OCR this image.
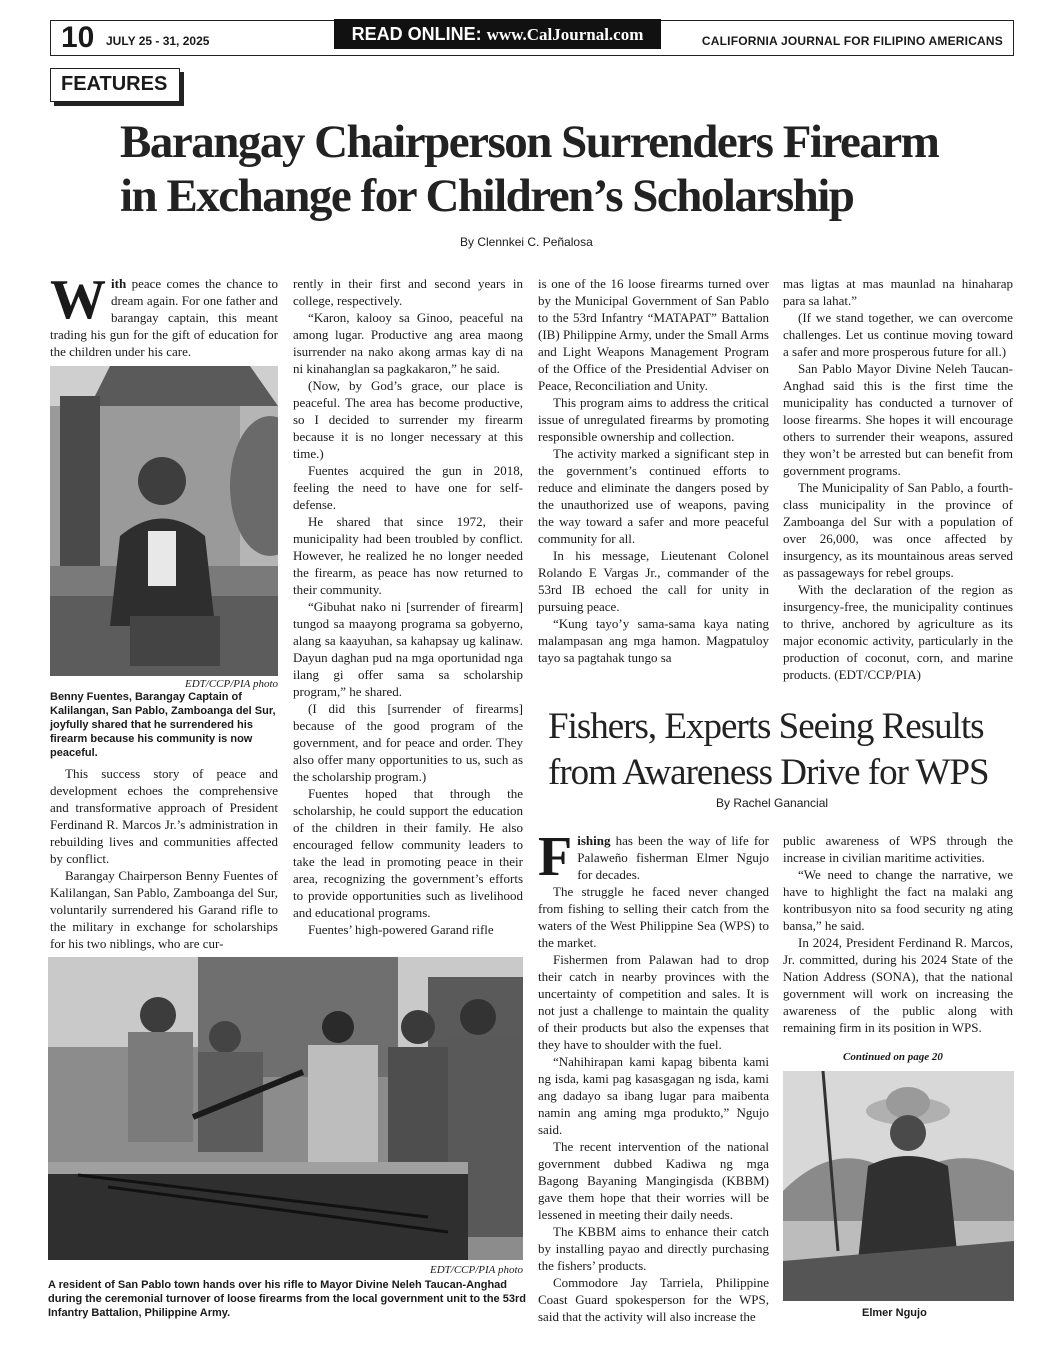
10 JULY 25 - 31, 2025	READ ONLINE: www.CalJournal.com	CALIFORNIA JOURNAL FOR FILIPINO AMERICANS
FEATURES
Barangay Chairperson Surrenders Firearm in Exchange for Children’s Scholarship
By Clennkei C. Peñalosa

With peace comes the chance to dream again. For one father and barangay captain, this meant trading his gun for the gift of education for the children under his care.

EDT/CCP/PIA photo
Benny Fuentes, Barangay Captain of Kalilangan, San Pablo, Zamboanga del Sur, joyfully shared that he surrendered his firearm because his community is now peaceful.

This success story of peace and development echoes the comprehensive and transformative approach of President Ferdinand R. Marcos Jr.’s administration in rebuilding lives and communities affected by conflict.

Barangay Chairperson Benny Fuentes of Kalilangan, San Pablo, Zamboanga del Sur, voluntarily surrendered his Garand rifle to the military in exchange for scholarships for his two niblings, who are cur-

rently in their first and second years in college, respectively.

“Karon, kalooy sa Ginoo, peaceful na among lugar. Productive ang area maong isurrender na nako akong armas kay di na ni kinahanglan sa pagkakaron,” he said.

(Now, by God’s grace, our place is peaceful. The area has become productive, so I decided to surrender my firearm because it is no longer necessary at this time.)

Fuentes acquired the gun in 2018, feeling the need to have one for self-defense.

He shared that since 1972, their municipality had been troubled by conflict. However, he realized he no longer needed the firearm, as peace has now returned to their community.

“Gibuhat nako ni [surrender of firearm] tungod sa maayong programa sa gobyerno, alang sa kaayuhan, sa kahapsay ug kalinaw. Dayun daghan pud na mga oportunidad nga ilang gi offer sama sa scholarship program,” he shared.

(I did this [surrender of firearms] because of the good program of the government, and for peace and order. They also offer many opportunities to us, such as the scholarship program.)

Fuentes hoped that through the scholarship, he could support the education of the children in their family. He also encouraged fellow community leaders to take the lead in promoting peace in their area, recognizing the government’s efforts to provide opportunities such as livelihood and educational programs.

Fuentes’ high-powered Garand rifle

is one of the 16 loose firearms turned over by the Municipal Government of San Pablo to the 53rd Infantry “MATAPAT” Battalion (IB) Philippine Army, under the Small Arms and Light Weapons Management Program of the Office of the Presidential Adviser on Peace, Reconciliation and Unity.

This program aims to address the critical issue of unregulated firearms by promoting responsible ownership and collection.

The activity marked a significant step in the government’s continued efforts to reduce and eliminate the dangers posed by the unauthorized use of weapons, paving the way toward a safer and more peaceful community for all.

In his message, Lieutenant Colonel Rolando E Vargas Jr., commander of the 53rd IB echoed the call for unity in pursuing peace.

“Kung tayo’y sama-sama kaya nating malampasan ang mga hamon. Magpatuloy tayo sa pagtahak tungo sa

mas ligtas at mas maunlad na hinaharap para sa lahat.”

(If we stand together, we can overcome challenges. Let us continue moving toward a safer and more prosperous future for all.)

San Pablo Mayor Divine Neleh Taucan-Anghad said this is the first time the municipality has conducted a turnover of loose firearms. She hopes it will encourage others to surrender their weapons, assured they won’t be arrested but can benefit from government programs.

The Municipality of San Pablo, a fourth-class municipality in the province of Zamboanga del Sur with a population of over 26,000, was once affected by insurgency, as its mountainous areas served as passageways for rebel groups.

With the declaration of the region as insurgency-free, the municipality continues to thrive, anchored by agriculture as its major economic activity, particularly in the production of coconut, corn, and marine products. (EDT/CCP/PIA)

EDT/CCP/PIA photo
A resident of San Pablo town hands over his rifle to Mayor Divine Neleh Taucan-Anghad during the ceremonial turnover of loose firearms from the local government unit to the 53rd Infantry Battalion, Philippine Army.
Fishers, Experts Seeing Results from Awareness Drive for WPS
By Rachel Ganancial

Fishing has been the way of life for Palaweño fisherman Elmer Ngujo for decades.

The struggle he faced never changed from fishing to selling their catch from the waters of the West Philippine Sea (WPS) to the market.

Fishermen from Palawan had to drop their catch in nearby provinces with the uncertainty of competition and sales. It is not just a challenge to maintain the quality of their products but also the expenses that they have to shoulder with the fuel.

“Nahihirapan kami kapag bibenta kami ng isda, kami pag kasasgagan ng isda, kami ang dadayo sa ibang lugar para maibenta namin ang aming mga produkto,” Ngujo said.

The recent intervention of the national government dubbed Kadiwa ng mga Bagong Bayaning Mangingisda (KBBM) gave them hope that their worries will be lessened in meeting their daily needs.

The KBBM aims to enhance their catch by installing payao and directly purchasing the fishers’ products.

Commodore Jay Tarriela, Philippine Coast Guard spokesperson for the WPS, said that the activity will also increase the

public awareness of WPS through the increase in civilian maritime activities.

“We need to change the narrative, we have to highlight the fact na malaki ang kontribusyon nito sa food security ng ating bansa,” he said.

In 2024, President Ferdinand R. Marcos, Jr. committed, during his 2024 State of the Nation Address (SONA), that the national government will work on increasing the awareness of the public along with remaining firm in its position in WPS.

Continued on page 20
Elmer Ngujo
